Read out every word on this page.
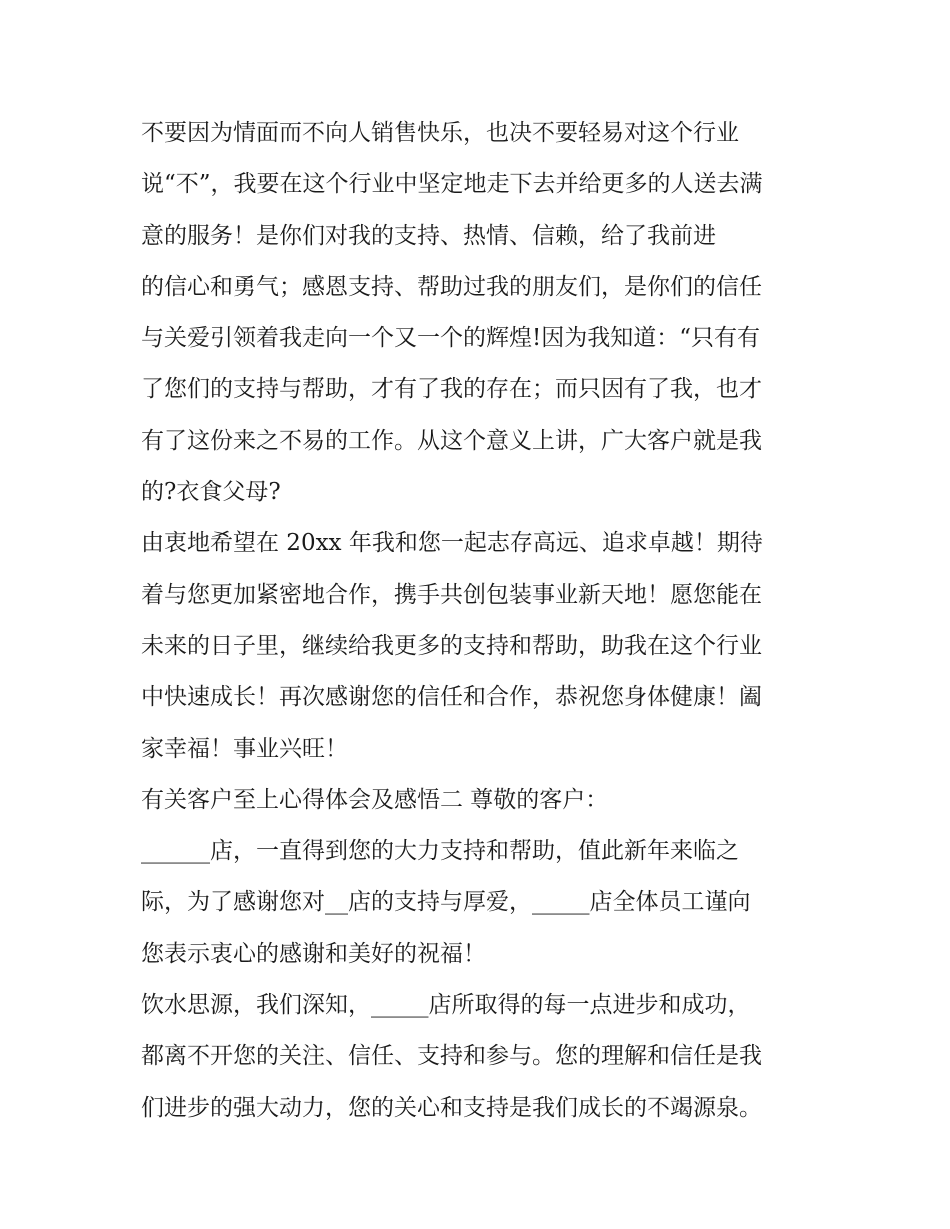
不要因为情面而不向人销售快乐，也决不要轻易对这个行业
说“不”，我要在这个行业中坚定地走下去并给更多的人送去满
意的服务！是你们对我的支持、热情、信赖，给了我前进
的信心和勇气；感恩支持、帮助过我的朋友们，是你们的信任
与关爱引领着我走向一个又一个的辉煌!因为我知道：“只有有
了您们的支持与帮助，才有了我的存在；而只因有了我，也才
有了这份来之不易的工作。从这个意义上讲，广大客户就是我
的?衣食父母?
由衷地希望在 20xx 年我和您一起志存高远、追求卓越！期待
着与您更加紧密地合作，携手共创包装事业新天地！愿您能在
未来的日子里，继续给我更多的支持和帮助，助我在这个行业
中快速成长！再次感谢您的信任和合作，恭祝您身体健康！阖
家幸福！事业兴旺！
有关客户至上心得体会及感悟二 尊敬的客户：
______店，一直得到您的大力支持和帮助，值此新年来临之
际，为了感谢您对__店的支持与厚爱，_____店全体员工谨向
您表示衷心的感谢和美好的祝福！
饮水思源，我们深知，_____店所取得的每一点进步和成功，
都离不开您的关注、信任、支持和参与。您的理解和信任是我
们进步的强大动力，您的关心和支持是我们成长的不竭源泉。
